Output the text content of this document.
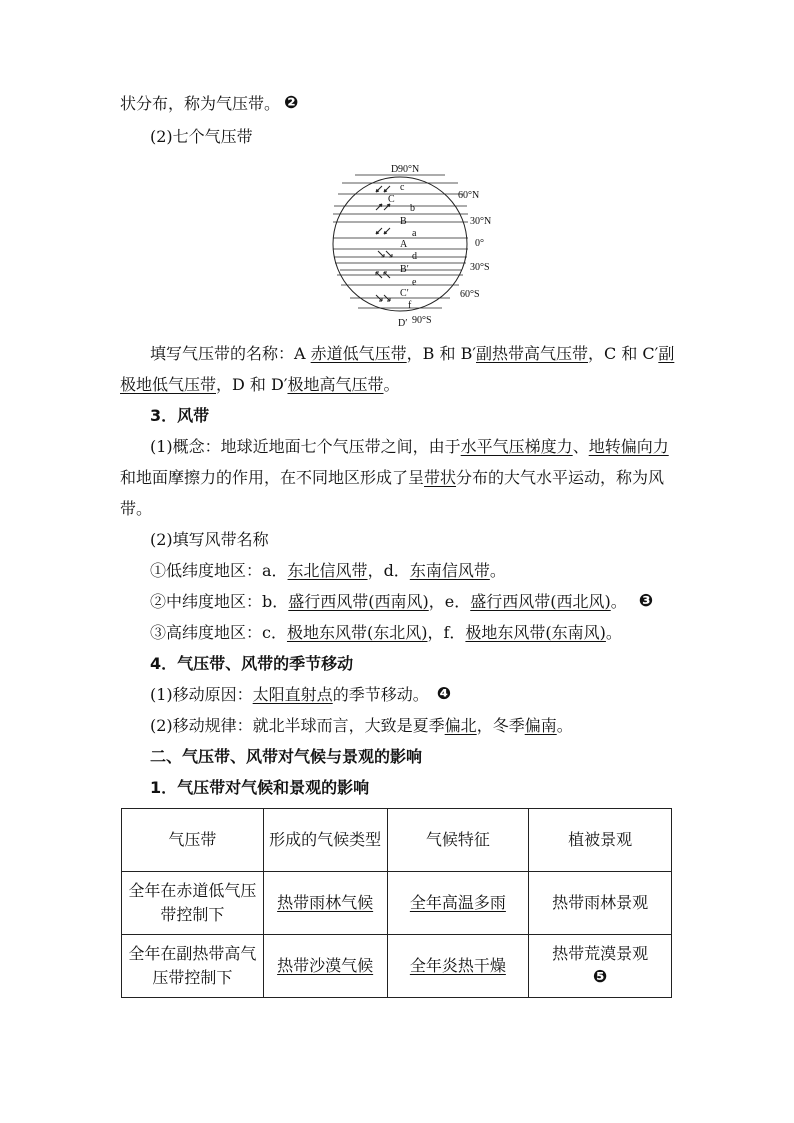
状分布，称为气压带。 ❷
(2)七个气压带
D 90°N
c
C	60°N
b
B	30°N
a
A	0°
d
B′	30°S
e
C′	60°S
f
D′ 90°S
填写气压带的名称：A 赤道低气压带，B 和 B′副热带高气压带，C 和 C′副
极地低气压带，D 和 D′极地高气压带。
3．风带
(1)概念：地球近地面七个气压带之间，由于水平气压梯度力、地转偏向力
和地面摩擦力的作用，在不同地区形成了呈带状分布的大气水平运动，称为风
带。
(2)填写风带名称
①低纬度地区：a．东北信风带，d．东南信风带。
②中纬度地区：b．盛行西风带(西南风)，e．盛行西风带(西北风)。 ❸
③高纬度地区：c．极地东风带(东北风)，f．极地东风带(东南风)。
4．气压带、风带的季节移动
(1)移动原因：太阳直射点的季节移动。 ❹
(2)移动规律：就北半球而言，大致是夏季偏北，冬季偏南。
二、气压带、风带对气候与景观的影响
1．气压带对气候和景观的影响
气压带	形成的气候类型	气候特征	植被景观
全年在赤道低气压带控制下	热带雨林气候	全年高温多雨	热带雨林景观
全年在副热带高气压带控制下	热带沙漠气候	全年炎热干燥	热带荒漠景观
❺
